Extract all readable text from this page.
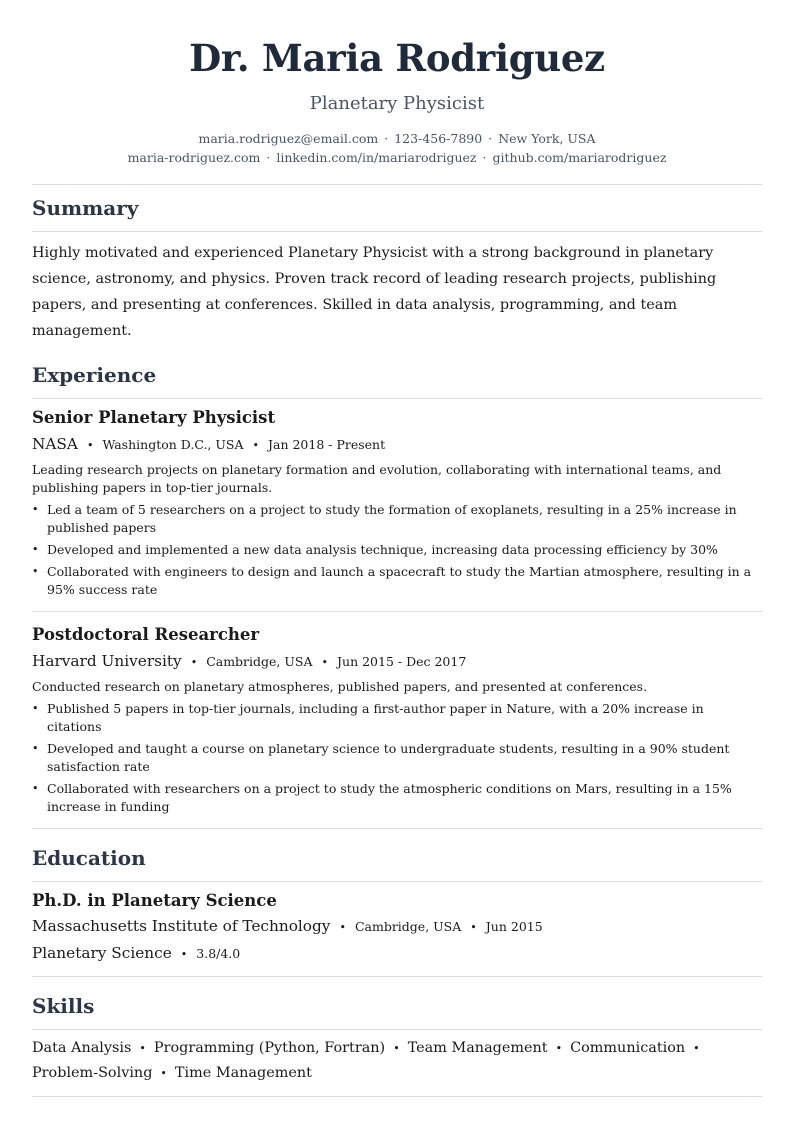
Dr. Maria Rodriguez
Planetary Physicist
maria.rodriguez@email.com · 123-456-7890 · New York, USA
maria-rodriguez.com · linkedin.com/in/mariarodriguez · github.com/mariarodriguez
Summary

Highly motivated and experienced Planetary Physicist with a strong background in planetary science, astronomy, and physics. Proven track record of leading research projects, publishing papers, and presenting at conferences. Skilled in data analysis, programming, and team management.

Experience
Senior Planetary Physicist
NASA • Washington D.C., USA • Jan 2018 - Present

Leading research projects on planetary formation and evolution, collaborating with international teams, and publishing papers in top-tier journals.

• Led a team of 5 researchers on a project to study the formation of exoplanets, resulting in a 25% increase in published papers
• Developed and implemented a new data analysis technique, increasing data processing efficiency by 30%
• Collaborated with engineers to design and launch a spacecraft to study the Martian atmosphere, resulting in a 95% success rate
Postdoctoral Researcher
Harvard University • Cambridge, USA • Jun 2015 - Dec 2017

Conducted research on planetary atmospheres, published papers, and presented at conferences.

• Published 5 papers in top-tier journals, including a first-author paper in Nature, with a 20% increase in citations
• Developed and taught a course on planetary science to undergraduate students, resulting in a 90% student satisfaction rate
• Collaborated with researchers on a project to study the atmospheric conditions on Mars, resulting in a 15% increase in funding
Education
Ph.D. in Planetary Science
Massachusetts Institute of Technology • Cambridge, USA • Jun 2015
Planetary Science • 3.8/4.0
Skills
Data Analysis • Programming (Python, Fortran) • Team Management • Communication •
Problem-Solving • Time Management
